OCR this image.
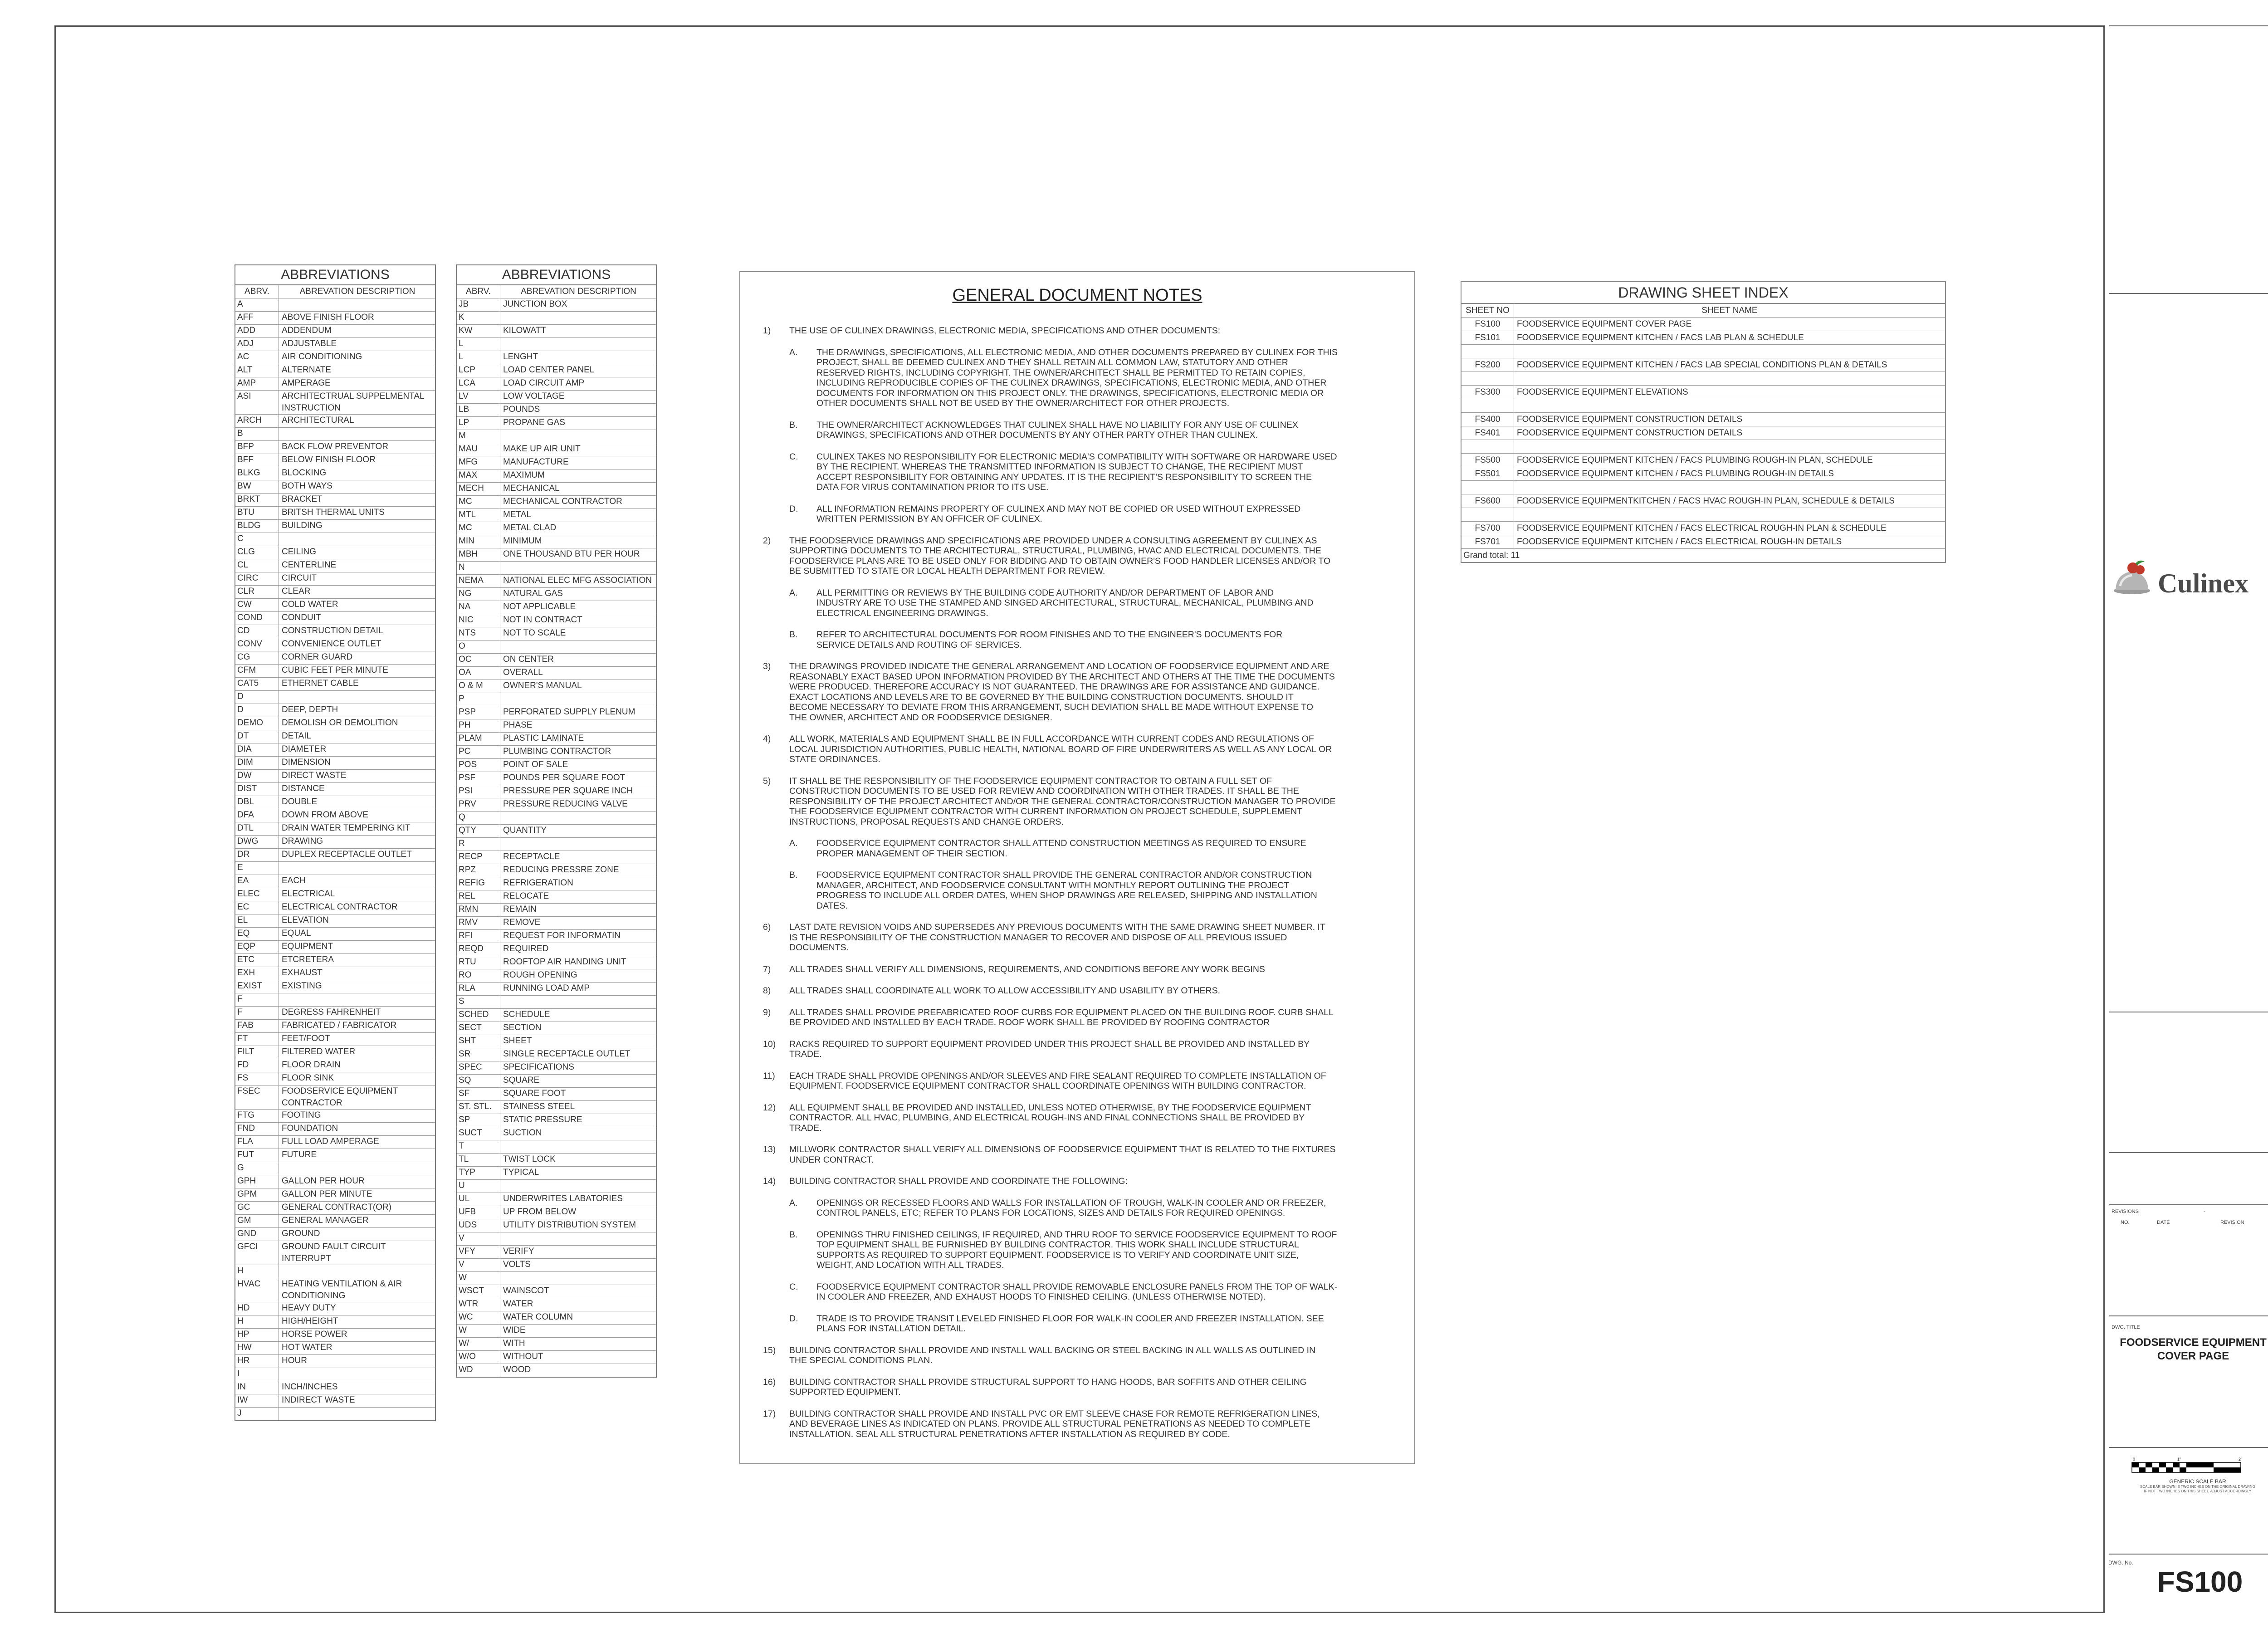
ABBREVIATIONS
ABRV.	ABREVATION DESCRIPTION
A
AFF	ABOVE FINISH FLOOR
ADD	ADDENDUM
ADJ	ADJUSTABLE
AC	AIR CONDITIONING
ALT	ALTERNATE
AMP	AMPERAGE
ASI	ARCHITECTRUAL SUPPELMENTAL INSTRUCTION
ARCH	ARCHITECTURAL
B
BFP	BACK FLOW PREVENTOR
BFF	BELOW FINISH FLOOR
BLKG	BLOCKING
BW	BOTH WAYS
BRKT	BRACKET
BTU	BRITSH THERMAL UNITS
BLDG	BUILDING
C
CLG	CEILING
CL	CENTERLINE
CIRC	CIRCUIT
CLR	CLEAR
CW	COLD WATER
COND	CONDUIT
CD	CONSTRUCTION DETAIL
CONV	CONVENIENCE OUTLET
CG	CORNER GUARD
CFM	CUBIC FEET PER MINUTE
CAT5	ETHERNET CABLE
D
D	DEEP, DEPTH
DEMO	DEMOLISH OR DEMOLITION
DT	DETAIL
DIA	DIAMETER
DIM	DIMENSION
DW	DIRECT WASTE
DIST	DISTANCE
DBL	DOUBLE
DFA	DOWN FROM ABOVE
DTL	DRAIN WATER TEMPERING KIT
DWG	DRAWING
DR	DUPLEX RECEPTACLE OUTLET
E
EA	EACH
ELEC	ELECTRICAL
EC	ELECTRICAL CONTRACTOR
EL	ELEVATION
EQ	EQUAL
EQP	EQUIPMENT
ETC	ETCRETERA
EXH	EXHAUST
EXIST	EXISTING
F
F	DEGRESS FAHRENHEIT
FAB	FABRICATED / FABRICATOR
FT	FEET/FOOT
FILT	FILTERED WATER
FD	FLOOR DRAIN
FS	FLOOR SINK
FSEC	FOODSERVICE EQUIPMENT CONTRACTOR
FTG	FOOTING
FND	FOUNDATION
FLA	FULL LOAD AMPERAGE
FUT	FUTURE
G
GPH	GALLON PER HOUR
GPM	GALLON PER MINUTE
GC	GENERAL CONTRACT(OR)
GM	GENERAL MANAGER
GND	GROUND
GFCI	GROUND FAULT CIRCUIT INTERRUPT
H
HVAC	HEATING VENTILATION & AIR CONDITIONING
HD	HEAVY DUTY
H	HIGH/HEIGHT
HP	HORSE POWER
HW	HOT WATER
HR	HOUR
I
IN	INCH/INCHES
IW	INDIRECT WASTE
J
ABBREVIATIONS
ABRV.	ABREVATION DESCRIPTION
JB	JUNCTION BOX
K
KW	KILOWATT
L
L	LENGHT
LCP	LOAD CENTER PANEL
LCA	LOAD CIRCUIT AMP
LV	LOW VOLTAGE
LB	POUNDS
LP	PROPANE GAS
M
MAU	MAKE UP AIR UNIT
MFG	MANUFACTURE
MAX	MAXIMUM
MECH	MECHANICAL
MC	MECHANICAL CONTRACTOR
MTL	METAL
MC	METAL CLAD
MIN	MINIMUM
MBH	ONE THOUSAND BTU PER HOUR
N
NEMA	NATIONAL ELEC MFG ASSOCIATION
NG	NATURAL GAS
NA	NOT APPLICABLE
NIC	NOT IN CONTRACT
NTS	NOT TO SCALE
O
OC	ON CENTER
OA	OVERALL
O & M	OWNER'S MANUAL
P
PSP	PERFORATED SUPPLY PLENUM
PH	PHASE
PLAM	PLASTIC LAMINATE
PC	PLUMBING CONTRACTOR
POS	POINT OF SALE
PSF	POUNDS PER SQUARE FOOT
PSI	PRESSURE PER SQUARE INCH
PRV	PRESSURE REDUCING VALVE
Q
QTY	QUANTITY
R
RECP	RECEPTACLE
RPZ	REDUCING PRESSRE ZONE
REFIG	REFRIGERATION
REL	RELOCATE
RMN	REMAIN
RMV	REMOVE
RFI	REQUEST FOR INFORMATIN
REQD	REQUIRED
RTU	ROOFTOP AIR HANDING UNIT
RO	ROUGH OPENING
RLA	RUNNING LOAD AMP
S
SCHED	SCHEDULE
SECT	SECTION
SHT	SHEET
SR	SINGLE RECEPTACLE OUTLET
SPEC	SPECIFICATIONS
SQ	SQUARE
SF	SQUARE FOOT
ST. STL.	STAINESS STEEL
SP	STATIC PRESSURE
SUCT	SUCTION
T
TL	TWIST LOCK
TYP	TYPICAL
U
UL	UNDERWRITES LABATORIES
UFB	UP FROM BELOW
UDS	UTILITY DISTRIBUTION SYSTEM
V
VFY	VERIFY
V	VOLTS
W
WSCT	WAINSCOT
WTR	WATER
WC	WATER COLUMN
W	WIDE
W/	WITH
W/O	WITHOUT
WD	WOOD
GENERAL DOCUMENT NOTES
1)	THE USE OF CULINEX DRAWINGS, ELECTRONIC MEDIA, SPECIFICATIONS AND OTHER DOCUMENTS:
A.	THE DRAWINGS, SPECIFICATIONS, ALL ELECTRONIC MEDIA, AND OTHER DOCUMENTS PREPARED BY CULINEX FOR THIS
PROJECT, SHALL BE DEEMED CULINEX AND THEY SHALL RETAIN ALL COMMON LAW, STATUTORY AND OTHER
RESERVED RIGHTS, INCLUDING COPYRIGHT. THE OWNER/ARCHITECT SHALL BE PERMITTED TO RETAIN COPIES,
INCLUDING REPRODUCIBLE COPIES OF THE CULINEX DRAWINGS, SPECIFICATIONS, ELECTRONIC MEDIA, AND OTHER
DOCUMENTS FOR INFORMATION ON THIS PROJECT ONLY. THE DRAWINGS, SPECIFICATIONS, ELECTRONIC MEDIA OR
OTHER DOCUMENTS SHALL NOT BE USED BY THE OWNER/ARCHITECT FOR OTHER PROJECTS.
B.	THE OWNER/ARCHITECT ACKNOWLEDGES THAT CULINEX SHALL HAVE NO LIABILITY FOR ANY USE OF CULINEX
DRAWINGS, SPECIFICATIONS AND OTHER DOCUMENTS BY ANY OTHER PARTY OTHER THAN CULINEX.
C.	CULINEX TAKES NO RESPONSIBILITY FOR ELECTRONIC MEDIA'S COMPATIBILITY WITH SOFTWARE OR HARDWARE USED
BY THE RECIPIENT. WHEREAS THE TRANSMITTED INFORMATION IS SUBJECT TO CHANGE, THE RECIPIENT MUST
ACCEPT RESPONSIBILITY FOR OBTAINING ANY UPDATES. IT IS THE RECIPIENT'S RESPONSIBILITY TO SCREEN THE
DATA FOR VIRUS CONTAMINATION PRIOR TO ITS USE.
D.	ALL INFORMATION REMAINS PROPERTY OF CULINEX AND MAY NOT BE COPIED OR USED WITHOUT EXPRESSED
WRITTEN PERMISSION BY AN OFFICER OF CULINEX.
2)	THE FOODSERVICE DRAWINGS AND SPECIFICATIONS ARE PROVIDED UNDER A CONSULTING AGREEMENT BY CULINEX AS
SUPPORTING DOCUMENTS TO THE ARCHITECTURAL, STRUCTURAL, PLUMBING, HVAC AND ELECTRICAL DOCUMENTS. THE
FOODSERVICE PLANS ARE TO BE USED ONLY FOR BIDDING AND TO OBTAIN OWNER'S FOOD HANDLER LICENSES AND/OR TO
BE SUBMITTED TO STATE OR LOCAL HEALTH DEPARTMENT FOR REVIEW.
A.	ALL PERMITTING OR REVIEWS BY THE BUILDING CODE AUTHORITY AND/OR DEPARTMENT OF LABOR AND
INDUSTRY ARE TO USE THE STAMPED AND SINGED ARCHITECTURAL, STRUCTURAL, MECHANICAL, PLUMBING AND
ELECTRICAL ENGINEERING DRAWINGS.
B.	REFER TO ARCHITECTURAL DOCUMENTS FOR ROOM FINISHES AND TO THE ENGINEER'S DOCUMENTS FOR
SERVICE DETAILS AND ROUTING OF SERVICES.
3)	THE DRAWINGS PROVIDED INDICATE THE GENERAL ARRANGEMENT AND LOCATION OF FOODSERVICE EQUIPMENT AND ARE
REASONABLY EXACT BASED UPON INFORMATION PROVIDED BY THE ARCHITECT AND OTHERS AT THE TIME THE DOCUMENTS
WERE PRODUCED. THEREFORE ACCURACY IS NOT GUARANTEED. THE DRAWINGS ARE FOR ASSISTANCE AND GUIDANCE.
EXACT LOCATIONS AND LEVELS ARE TO BE GOVERNED BY THE BUILDING CONSTRUCTION DOCUMENTS. SHOULD IT
BECOME NECESSARY TO DEVIATE FROM THIS ARRANGEMENT, SUCH DEVIATION SHALL BE MADE WITHOUT EXPENSE TO
THE OWNER, ARCHITECT AND OR FOODSERVICE DESIGNER.
4)	ALL WORK, MATERIALS AND EQUIPMENT SHALL BE IN FULL ACCORDANCE WITH CURRENT CODES AND REGULATIONS OF
LOCAL JURISDICTION AUTHORITIES, PUBLIC HEALTH, NATIONAL BOARD OF FIRE UNDERWRITERS AS WELL AS ANY LOCAL OR
STATE ORDINANCES.
5)	IT SHALL BE THE RESPONSIBILITY OF THE FOODSERVICE EQUIPMENT CONTRACTOR TO OBTAIN A FULL SET OF
CONSTRUCTION DOCUMENTS TO BE USED FOR REVIEW AND COORDINATION WITH OTHER TRADES. IT SHALL BE THE
RESPONSIBILITY OF THE PROJECT ARCHITECT AND/OR THE GENERAL CONTRACTOR/CONSTRUCTION MANAGER TO PROVIDE
THE FOODSERVICE EQUIPMENT CONTRACTOR WITH CURRENT INFORMATION ON PROJECT SCHEDULE, SUPPLEMENT
INSTRUCTIONS, PROPOSAL REQUESTS AND CHANGE ORDERS.
A.	FOODSERVICE EQUIPMENT CONTRACTOR SHALL ATTEND CONSTRUCTION MEETINGS AS REQUIRED TO ENSURE
PROPER MANAGEMENT OF THEIR SECTION.
B.	FOODSERVICE EQUIPMENT CONTRACTOR SHALL PROVIDE THE GENERAL CONTRACTOR AND/OR CONSTRUCTION
MANAGER, ARCHITECT, AND FOODSERVICE CONSULTANT WITH MONTHLY REPORT OUTLINING THE PROJECT
PROGRESS TO INCLUDE ALL ORDER DATES, WHEN SHOP DRAWINGS ARE RELEASED, SHIPPING AND INSTALLATION
DATES.
6)	LAST DATE REVISION VOIDS AND SUPERSEDES ANY PREVIOUS DOCUMENTS WITH THE SAME DRAWING SHEET NUMBER. IT
IS THE RESPONSIBILITY OF THE CONSTRUCTION MANAGER TO RECOVER AND DISPOSE OF ALL PREVIOUS ISSUED
DOCUMENTS.
7)	ALL TRADES SHALL VERIFY ALL DIMENSIONS, REQUIREMENTS, AND CONDITIONS BEFORE ANY WORK BEGINS
8)	ALL TRADES SHALL COORDINATE ALL WORK TO ALLOW ACCESSIBILITY AND USABILITY BY OTHERS.
9)	ALL TRADES SHALL PROVIDE PREFABRICATED ROOF CURBS FOR EQUIPMENT PLACED ON THE BUILDING ROOF. CURB SHALL
BE PROVIDED AND INSTALLED BY EACH TRADE. ROOF WORK SHALL BE PROVIDED BY ROOFING CONTRACTOR
10)	RACKS REQUIRED TO SUPPORT EQUIPMENT PROVIDED UNDER THIS PROJECT SHALL BE PROVIDED AND INSTALLED BY
TRADE.
11)	EACH TRADE SHALL PROVIDE OPENINGS AND/OR SLEEVES AND FIRE SEALANT REQUIRED TO COMPLETE INSTALLATION OF
EQUIPMENT. FOODSERVICE EQUIPMENT CONTRACTOR SHALL COORDINATE OPENINGS WITH BUILDING CONTRACTOR.
12)	ALL EQUIPMENT SHALL BE PROVIDED AND INSTALLED, UNLESS NOTED OTHERWISE, BY THE FOODSERVICE EQUIPMENT
CONTRACTOR. ALL HVAC, PLUMBING, AND ELECTRICAL ROUGH-INS AND FINAL CONNECTIONS SHALL BE PROVIDED BY
TRADE.
13)	MILLWORK CONTRACTOR SHALL VERIFY ALL DIMENSIONS OF FOODSERVICE EQUIPMENT THAT IS RELATED TO THE FIXTURES
UNDER CONTRACT.
14)	BUILDING CONTRACTOR SHALL PROVIDE AND COORDINATE THE FOLLOWING:
A.	OPENINGS OR RECESSED FLOORS AND WALLS FOR INSTALLATION OF TROUGH, WALK-IN COOLER AND OR FREEZER,
CONTROL PANELS, ETC; REFER TO PLANS FOR LOCATIONS, SIZES AND DETAILS FOR REQUIRED OPENINGS.
B.	OPENINGS THRU FINISHED CEILINGS, IF REQUIRED, AND THRU ROOF TO SERVICE FOODSERVICE EQUIPMENT TO ROOF
TOP EQUIPMENT SHALL BE FURNISHED BY BUILDING CONTRACTOR. THIS WORK SHALL INCLUDE STRUCTURAL
SUPPORTS AS REQUIRED TO SUPPORT EQUIPMENT. FOODSERVICE IS TO VERIFY AND COORDINATE UNIT SIZE,
WEIGHT, AND LOCATION WITH ALL TRADES.
C.	FOODSERVICE EQUIPMENT CONTRACTOR SHALL PROVIDE REMOVABLE ENCLOSURE PANELS FROM THE TOP OF WALK-
IN COOLER AND FREEZER, AND EXHAUST HOODS TO FINISHED CEILING. (UNLESS OTHERWISE NOTED).
D.	TRADE IS TO PROVIDE TRANSIT LEVELED FINISHED FLOOR FOR WALK-IN COOLER AND FREEZER INSTALLATION. SEE
PLANS FOR INSTALLATION DETAIL.
15)	BUILDING CONTRACTOR SHALL PROVIDE AND INSTALL WALL BACKING OR STEEL BACKING IN ALL WALLS AS OUTLINED IN
THE SPECIAL CONDITIONS PLAN.
16)	BUILDING CONTRACTOR SHALL PROVIDE STRUCTURAL SUPPORT TO HANG HOODS, BAR SOFFITS AND OTHER CEILING
SUPPORTED EQUIPMENT.
17)	BUILDING CONTRACTOR SHALL PROVIDE AND INSTALL PVC OR EMT SLEEVE CHASE FOR REMOTE REFRIGERATION LINES,
AND BEVERAGE LINES AS INDICATED ON PLANS. PROVIDE ALL STRUCTURAL PENETRATIONS AS NEEDED TO COMPLETE
INSTALLATION. SEAL ALL STRUCTURAL PENETRATIONS AFTER INSTALLATION AS REQUIRED BY CODE.
DRAWING SHEET INDEX
SHEET NO	SHEET NAME
FS100	FOODSERVICE EQUIPMENT COVER PAGE
FS101	FOODSERVICE EQUIPMENT KITCHEN / FACS LAB PLAN & SCHEDULE
FS200	FOODSERVICE EQUIPMENT KITCHEN / FACS LAB SPECIAL CONDITIONS PLAN & DETAILS
FS300	FOODSERVICE EQUIPMENT ELEVATIONS
FS400	FOODSERVICE EQUIPMENT CONSTRUCTION DETAILS
FS401	FOODSERVICE EQUIPMENT CONSTRUCTION DETAILS
FS500	FOODSERVICE EQUIPMENT KITCHEN / FACS PLUMBING ROUGH-IN PLAN, SCHEDULE
FS501	FOODSERVICE EQUIPMENT KITCHEN / FACS PLUMBING ROUGH-IN DETAILS
FS600	FOODSERVICE EQUIPMENTKITCHEN / FACS HVAC ROUGH-IN PLAN, SCHEDULE & DETAILS
FS700	FOODSERVICE EQUIPMENT KITCHEN / FACS ELECTRICAL ROUGH-IN PLAN & SCHEDULE
FS701	FOODSERVICE EQUIPMENT KITCHEN / FACS ELECTRICAL ROUGH-IN DETAILS
Grand total: 11
Culinex
REVISIONS	-
NO.	DATE	REVISION
DWG. TITLE
FOODSERVICE EQUIPMENT
COVER PAGE
0	1"	2"
GENERIC SCALE BAR
SCALE BAR SHOWN IS TWO INCHES ON THE ORIGINAL DRAWING
IF NOT TWO INCHES ON THIS SHEET, ADJUST ACCORDINGLY
DWG. No.
FS100
